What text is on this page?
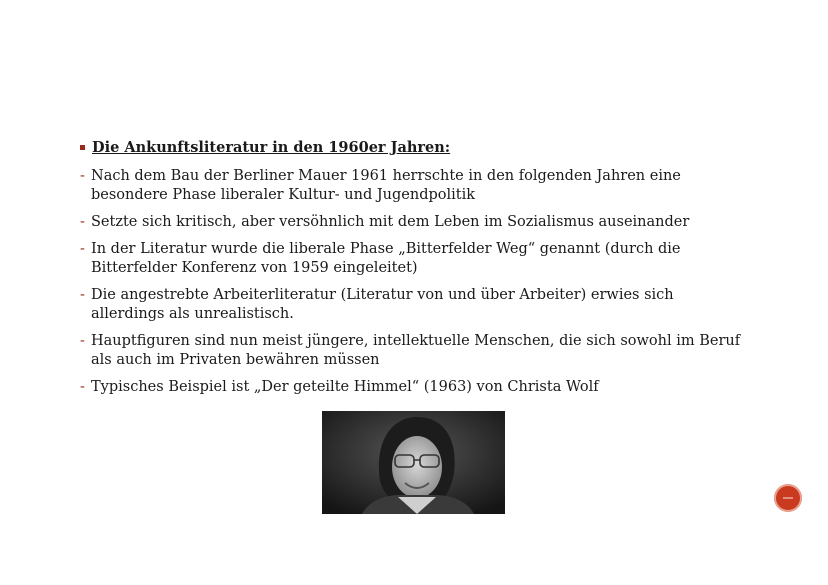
Die Ankunftsliteratur in den 1960er Jahren:
- Nach dem Bau der Berliner Mauer 1961 herrschte in den folgenden Jahren eine besondere Phase liberaler Kultur- und Jugendpolitik
- Setzte sich kritisch, aber versöhnlich mit dem Leben im Sozialismus auseinander
- In der Literatur wurde die liberale Phase „Bitterfelder Weg“ genannt (durch die Bitterfelder Konferenz von 1959 eingeleitet)
- Die angestrebte Arbeiterliteratur (Literatur von und über Arbeiter) erwies sich allerdings als unrealistisch.
- Hauptfiguren sind nun meist jüngere, intellektuelle Menschen, die sich sowohl im Beruf als auch im Privaten bewähren müssen
- Typisches Beispiel ist „Der geteilte Himmel“ (1963) von Christa Wolf
